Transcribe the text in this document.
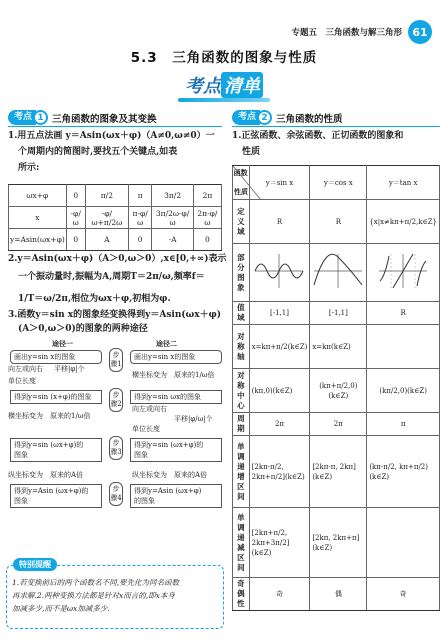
专题五　三角函数与解三角形 61
5.3　三角函数的图象与性质
考点 清单
考点 1 三角函数的图象及其变换
1.用五点法画 y＝Asin(ωx＋φ)（A≠0,ω≠0）一
个周期内的简图时,要找五个关键点,如表
所示:
ωx+φ	0	π/2	π	3π/2	2π
x	-φ/ω	-φ/ω+π/2ω	π-φ/ω	3π/2ω-φ/ω	2π-φ/ω
y=Asin(ωx+φ)	0	A	0	-A	0
2.y＝Asin(ωx＋φ)（A＞0,ω＞0）,x∈[0,+∞)表示
一个振动量时,振幅为A,周期T＝2π/ω,频率f＝
1/T＝ω/2π,相位为ωx＋φ,初相为φ.
3.函数y＝sin x的图象经变换得到y＝Asin(ωx＋φ)
(A＞0,ω＞0)的图象的两种途径
途径一	途径二
画出y=sin x的图象	画出y=sin x的图象
步骤1
向左或向右 平移|φ|个
单位长度
横坐标变为　原来的1/ω倍
得到y=sin (x+φ)的图象	得到y=sin ωx的图象
步骤2
横坐标变为　原来的1/ω倍
向左或向右
平移|φ/ω|个
单位长度
得到y=sin (ωx+φ)的
图象
得到y=sin (ωx+φ)的
图象
步骤3
纵坐标变为　原来的A倍	纵坐标变为　原来的A倍
得到y=Asin (ωx+φ)的
图象
得到y=Asin (ωx+φ)
的图象
步骤4
特别提醒
1.若变换前后的两个函数名不同,要先化为同名函数
再求解.2.两种变换方法都是针对x而言的,即x本身
加减多少,而不是ωx加减多少.
考点 2 三角函数的性质
1.正弦函数、余弦函数、正切函数的图象和
性质
函数
性质	y＝sin x	y＝cos x	y＝tan x
定义域	R	R	{x|x≠kπ+π/2,k∈Z}
部分图象			
值域	[-1,1]	[-1,1]	R
对称轴	x=kπ+π/2(k∈Z)	x=kπ(k∈Z)	
对称中心	(kπ,0)(k∈Z)	(kπ+π/2,0)(k∈Z)	(kπ/2,0)(k∈Z)
周期	2π	2π	π
单调递增区间	[2kπ-π/2, 2kπ+π/2](k∈Z)	[2kπ-π, 2kπ](k∈Z)	(kπ-π/2, kπ+π/2)(k∈Z)
单调递减区间	[2kπ+π/2, 2kπ+3π/2](k∈Z)	[2kπ, 2kπ+π](k∈Z)	
奇偶性	奇	偶	奇
